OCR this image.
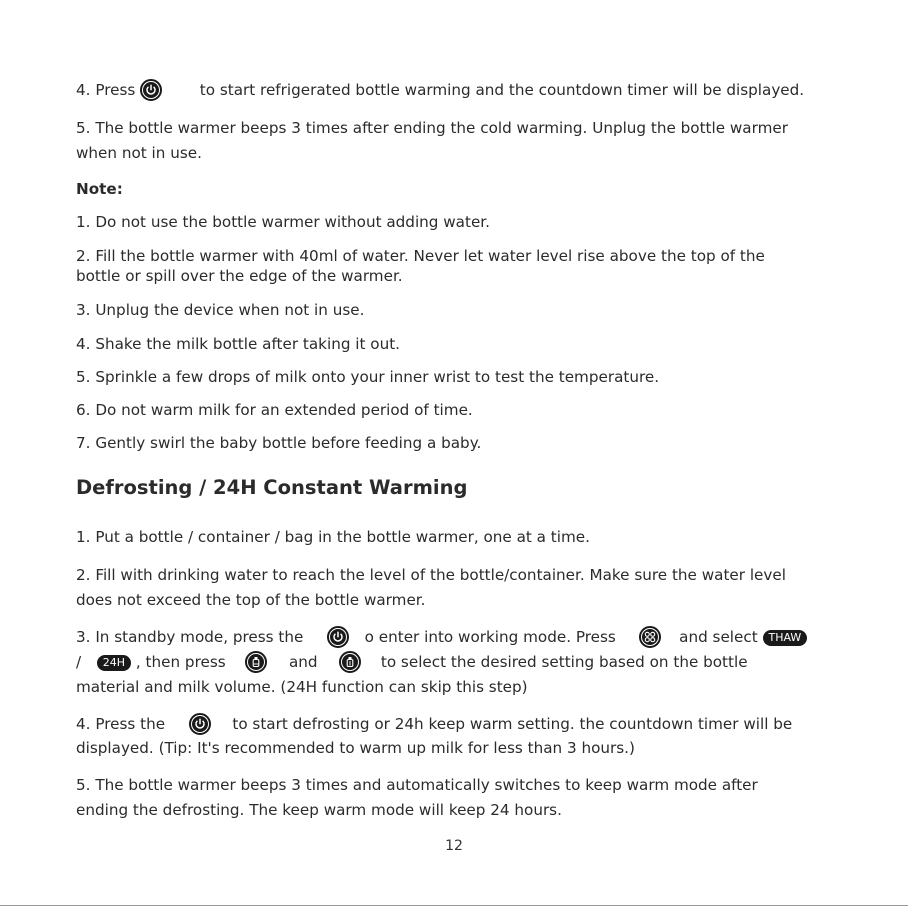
4. Press	to start refrigerated bottle warming and the countdown timer will be displayed.
5. The bottle warmer beeps 3 times after ending the cold warming. Unplug the bottle warmer
when not in use.
Note:
1. Do not use the bottle warmer without adding water.
2. Fill the bottle warmer with 40ml of water. Never let water level rise above the top of the
bottle or spill over the edge of the warmer.
3. Unplug the device when not in use.
4. Shake the milk bottle after taking it out.
5. Sprinkle a few drops of milk onto your inner wrist to test the temperature.
6. Do not warm milk for an extended period of time.
7. Gently swirl the baby bottle before feeding a baby.
Defrosting / 24H Constant Warming
1. Put a bottle / container / bag in the bottle warmer, one at a time.
2. Fill with drinking water to reach the level of the bottle/container. Make sure the water level
does not exceed the top of the bottle warmer.
3. In standby mode, press the	o enter into working mode. Press	and select THAW
/ 24H , then press	and	to select the desired setting based on the bottle
material and milk volume. (24H function can skip this step)
4. Press the	to start defrosting or 24h keep warm setting. the countdown timer will be
displayed. (Tip: It's recommended to warm up milk for less than 3 hours.)
5. The bottle warmer beeps 3 times and automatically switches to keep warm mode after
ending the defrosting. The keep warm mode will keep 24 hours.
12
